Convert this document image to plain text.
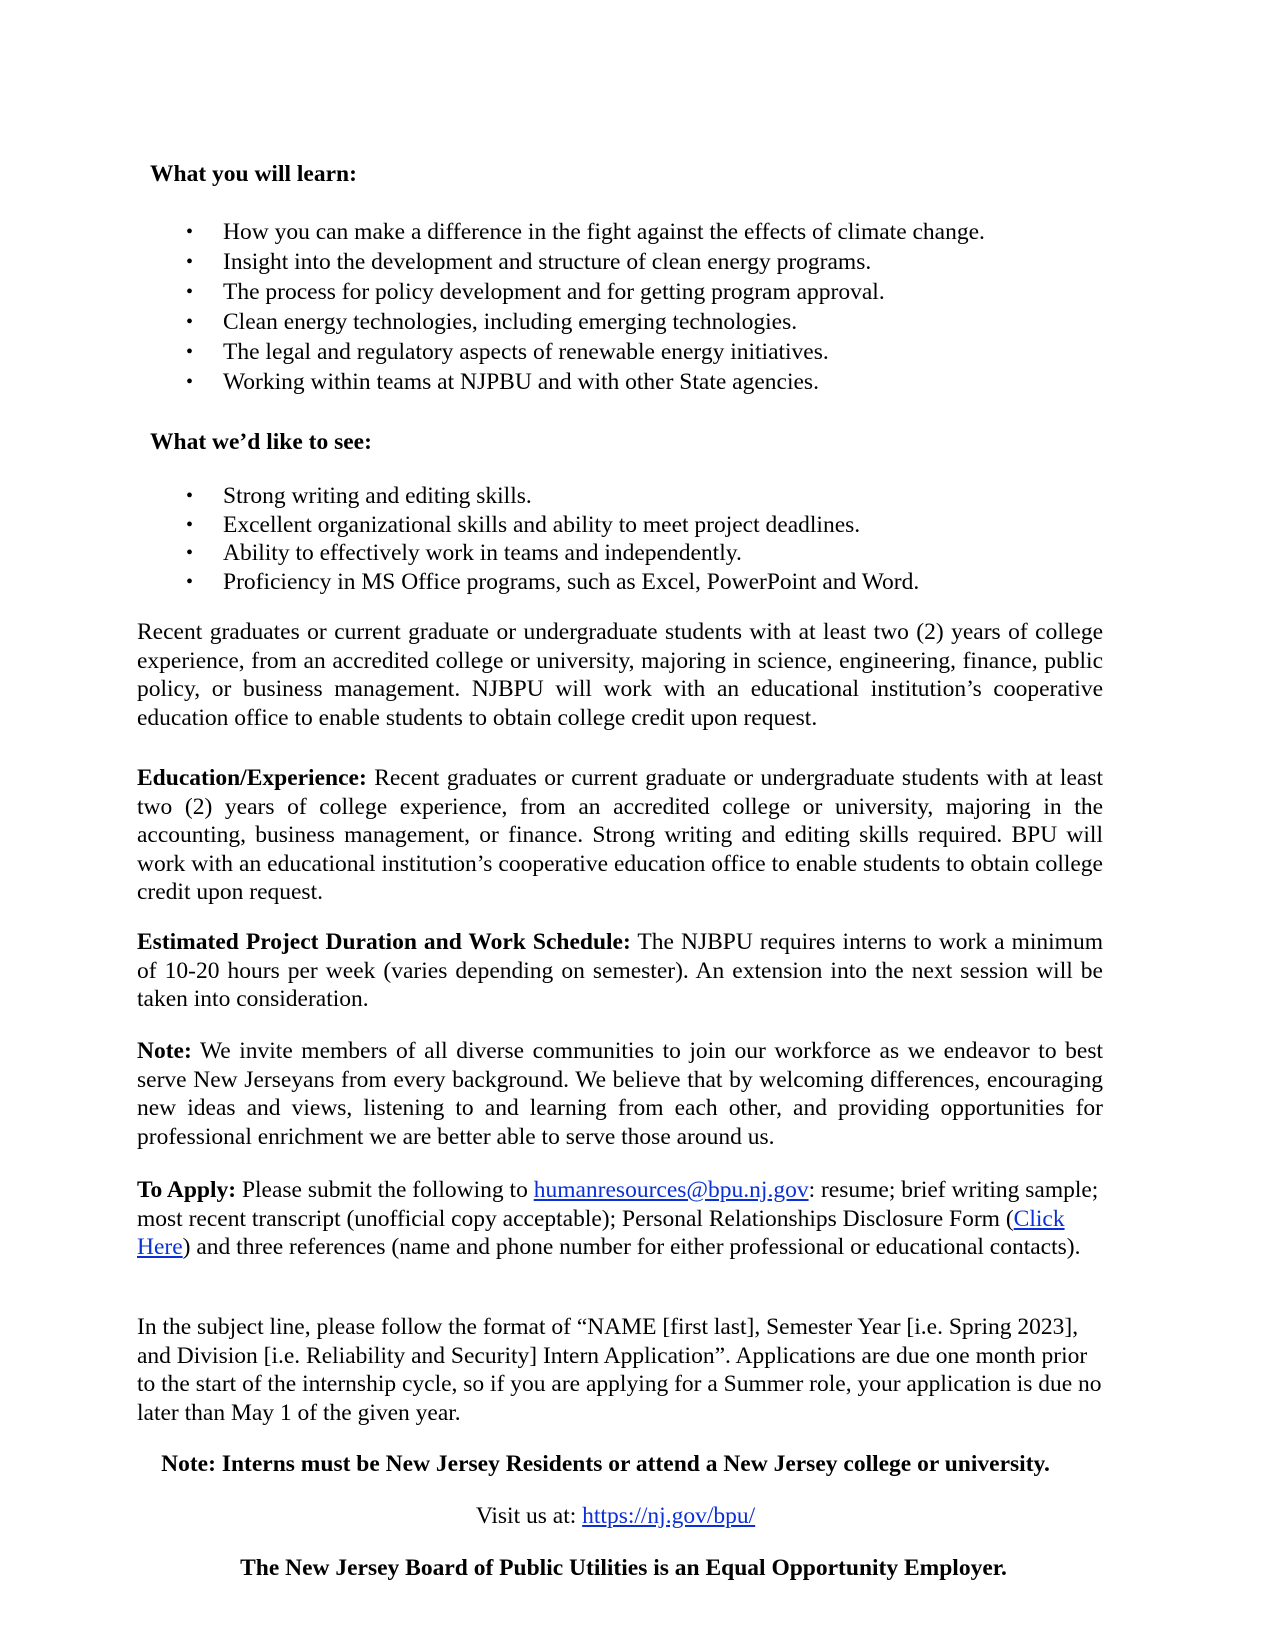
What you will learn:
• How you can make a difference in the fight against the effects of climate change.
• Insight into the development and structure of clean energy programs.
• The process for policy development and for getting program approval.
• Clean energy technologies, including emerging technologies.
• The legal and regulatory aspects of renewable energy initiatives.
• Working within teams at NJPBU and with other State agencies.
What we’d like to see:
• Strong writing and editing skills.
• Excellent organizational skills and ability to meet project deadlines.
• Ability to effectively work in teams and independently.
• Proficiency in MS Office programs, such as Excel, PowerPoint and Word.

Recent graduates or current graduate or undergraduate students with at least two (2) years of college experience, from an accredited college or university, majoring in science, engineering, finance, public policy, or business management. NJBPU will work with an educational institution’s cooperative education office to enable students to obtain college credit upon request.

Education/Experience: Recent graduates or current graduate or undergraduate students with at least two (2) years of college experience, from an accredited college or university, majoring in the accounting, business management, or finance. Strong writing and editing skills required. BPU will work with an educational institution’s cooperative education office to enable students to obtain college credit upon request.

Estimated Project Duration and Work Schedule: The NJBPU requires interns to work a minimum of 10-20 hours per week (varies depending on semester). An extension into the next session will be taken into consideration.

Note: We invite members of all diverse communities to join our workforce as we endeavor to best serve New Jerseyans from every background. We believe that by welcoming differences, encouraging new ideas and views, listening to and learning from each other, and providing opportunities for professional enrichment we are better able to serve those around us.

To Apply: Please submit the following to humanresources@bpu.nj.gov: resume; brief writing sample; most recent transcript (unofficial copy acceptable); Personal Relationships Disclosure Form (Click Here) and three references (name and phone number for either professional or educational contacts).

In the subject line, please follow the format of “NAME [first last], Semester Year [i.e. Spring 2023], and Division [i.e. Reliability and Security] Intern Application”. Applications are due one month prior to the start of the internship cycle, so if you are applying for a Summer role, your application is due no later than May 1 of the given year.

Note: Interns must be New Jersey Residents or attend a New Jersey college or university.

Visit us at: https://nj.gov/bpu/

The New Jersey Board of Public Utilities is an Equal Opportunity Employer.
